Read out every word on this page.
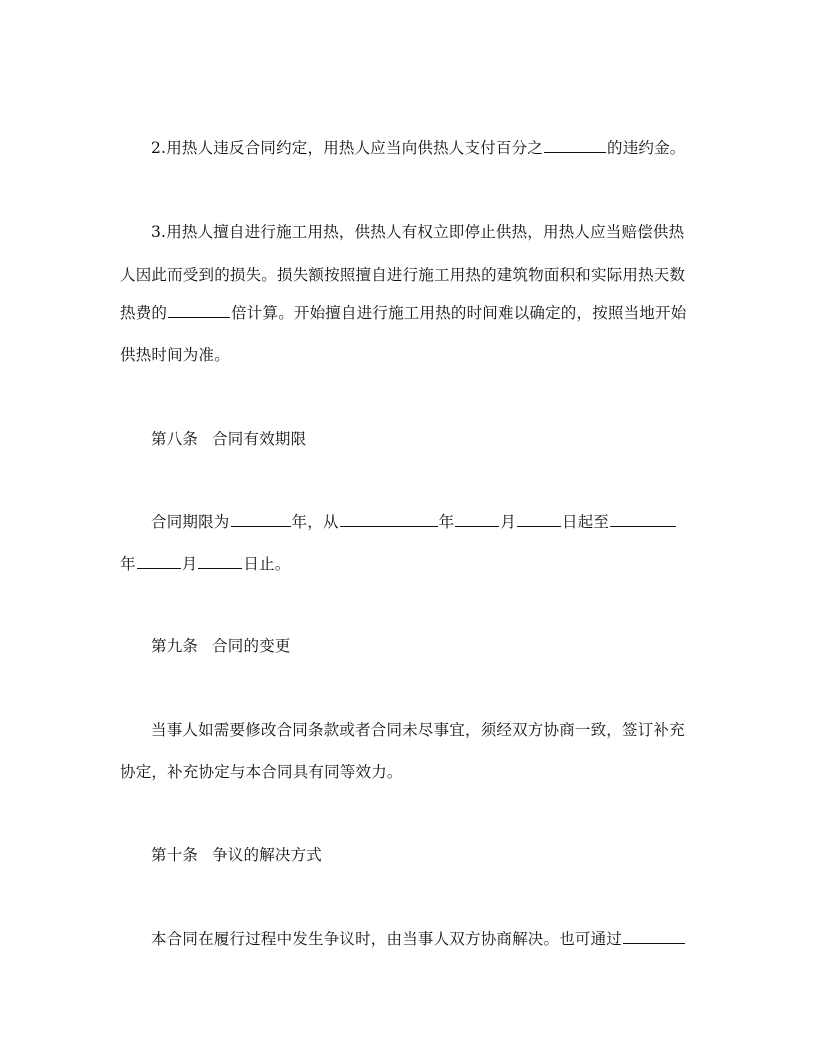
2.用热人违反合同约定，用热人应当向供热人支付百分之	的违约金。
3.用热人擅自进行施工用热，供热人有权立即停止供热，用热人应当赔偿供热
人因此而受到的损失。损失额按照擅自进行施工用热的建筑物面积和实际用热天数
热费的	倍计算。开始擅自进行施工用热的时间难以确定的，按照当地开始
供热时间为准。
第八条 合同有效期限
合同期限为	年，从	年	月	日起至
年	月	日止。
第九条 合同的变更
当事人如需要修改合同条款或者合同未尽事宜，须经双方协商一致，签订补充
协定，补充协定与本合同具有同等效力。
第十条 争议的解决方式
本合同在履行过程中发生争议时，由当事人双方协商解决。也可通过
